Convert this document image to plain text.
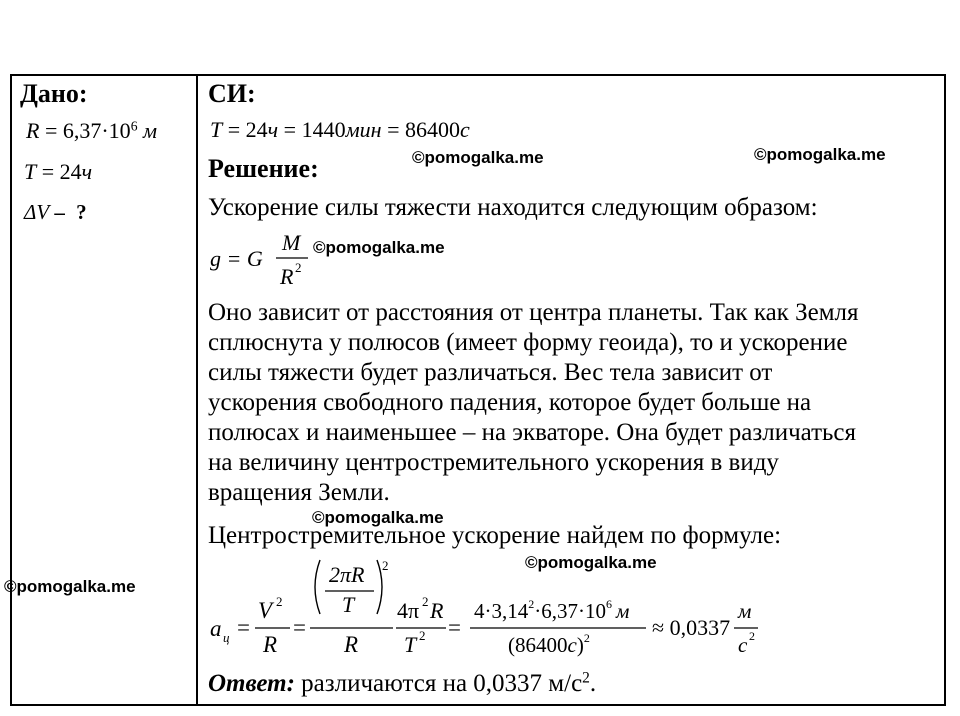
Дано:
$R = 6,37\cdot 10^6$ м
T = 24ч
ΔV – ?
СИ:
T = 24ч = 1440мин = 86400с
Решение:
Ускорение силы тяжести находится следующим образом:
g = G
M
R 2
Оно зависит от расстояния от центра планеты. Так как Земля
сплюснута у полюсов (имеет форму геоида), то и ускорение
силы тяжести будет различаться. Вес тела зависит от
ускорения свободного падения, которое будет больше на
полюсах и наименьшее – на экваторе. Она будет различаться
на величину центростремительного ускорения в виду
вращения Земли.
Центростремительное ускорение найдем по формуле:
a ц =
V 2
R
=
2πR
T
2
R
4π 2 R
T 2 =
$4\cdot 3,14^2\cdot 6,37\cdot 10^6$ м
$(86400с)^2$	≈ 0,0337
м
с 2
Ответ: различаются на 0,0337 $м/с^2$.
©pomogalka.me	©pomogalka.me
©pomogalka.me
©pomogalka.me
©pomogalka.me
©pomogalka.me
